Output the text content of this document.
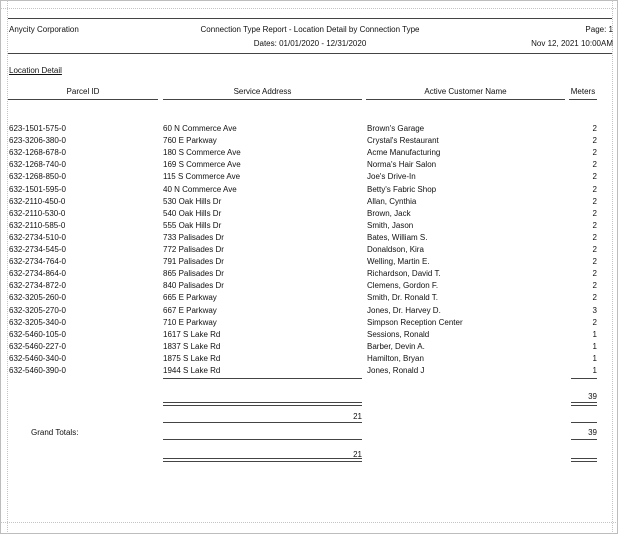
Anycity Corporation	Connection Type Report - Location Detail by Connection Type
Dates: 01/01/2020 - 12/31/2020
Page: 1
Nov 12, 2021 10:00AM
Location Detail
Parcel ID	Service Address	Active Customer Name	Meters
623-1501-575-0	60 N Commerce Ave	Brown's Garage	2
623-3206-380-0	760 E Parkway	Crystal's Restaurant	2
632-1268-678-0	180 S Commerce Ave	Acme Manufacturing	2
632-1268-740-0	169 S Commerce Ave	Norma's Hair Salon	2
632-1268-850-0	115 S Commerce Ave	Joe's Drive-In	2
632-1501-595-0	40 N Commerce Ave	Betty's Fabric Shop	2
632-2110-450-0	530 Oak Hills Dr	Allan, Cynthia	2
632-2110-530-0	540 Oak Hills Dr	Brown, Jack	2
632-2110-585-0	555 Oak Hills Dr	Smith, Jason	2
632-2734-510-0	733 Palisades Dr	Bates, William S.	2
632-2734-545-0	772 Palisades Dr	Donaldson, Kira	2
632-2734-764-0	791 Palisades Dr	Welling, Martin E.	2
632-2734-864-0	865 Palisades Dr	Richardson, David T.	2
632-2734-872-0	840 Palisades Dr	Clemens, Gordon F.	2
632-3205-260-0	665 E Parkway	Smith, Dr. Ronald T.	2
632-3205-270-0	667 E Parkway	Jones, Dr. Harvey D.	3
632-3205-340-0	710 E Parkway	Simpson Reception Center	2
632-5460-105-0	1617 S Lake Rd	Sessions, Ronald	1
632-5460-227-0	1837 S Lake Rd	Barber, Devin A.	1
632-5460-340-0	1875 S Lake Rd	Hamilton, Bryan	1
632-5460-390-0	1944 S Lake Rd	Jones, Ronald J	1
39
21
Grand Totals:	39
21
